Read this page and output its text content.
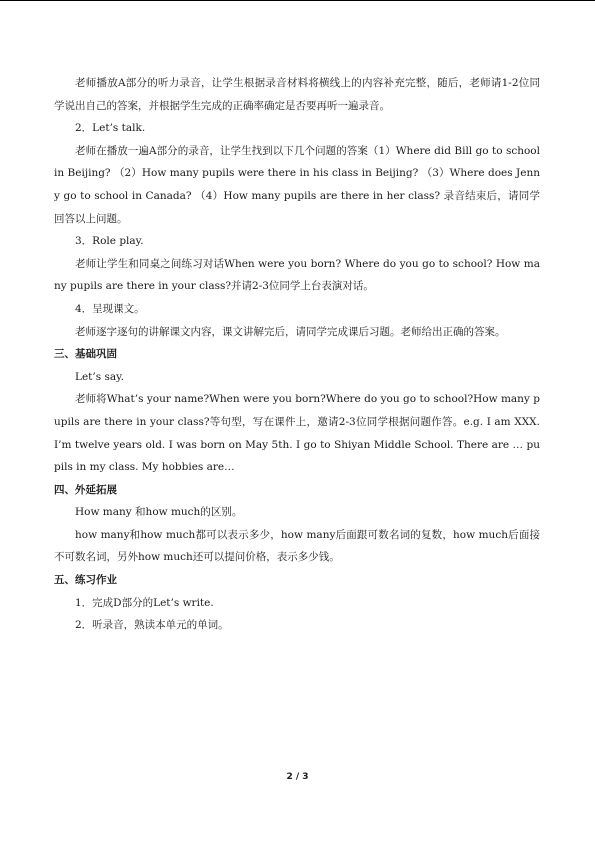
老师播放A部分的听力录音，让学生根据录音材料将横线上的内容补充完整，随后，老师请1-2位同学说出自己的答案，并根据学生完成的正确率确定是否要再听一遍录音。

2．Let’s talk.

老师在播放一遍A部分的录音，让学生找到以下几个问题的答案（1）Where did Bill go to school in Beijing? （2）How many pupils were there in his class in Beijing? （3）Where does Jenny go to school in Canada? （4）How many pupils are there in her class? 录音结束后，请同学回答以上问题。

3．Role play.

老师让学生和同桌之间练习对话When were you born? Where do you go to school? How many pupils are there in your class?并请2-3位同学上台表演对话。

4．呈现课文。

老师逐字逐句的讲解课文内容，课文讲解完后，请同学完成课后习题。老师给出正确的答案。

三、基础巩固

Let’s say.

老师将What’s your name?When were you born?Where do you go to school?How many pupils are there in your class?等句型，写在课件上，邀请2-3位同学根据问题作答。e.g. I am XXX. I’m twelve years old. I was born on May 5th. I go to Shiyan Middle School. There are … pupils in my class. My hobbies are…

四、外延拓展

How many 和how much的区别。

how many和how much都可以表示多少，how many后面跟可数名词的复数，how much后面接不可数名词，另外how much还可以提问价格，表示多少钱。

五、练习作业

1．完成D部分的Let’s write.

2．听录音，熟读本单元的单词。

2 / 3
